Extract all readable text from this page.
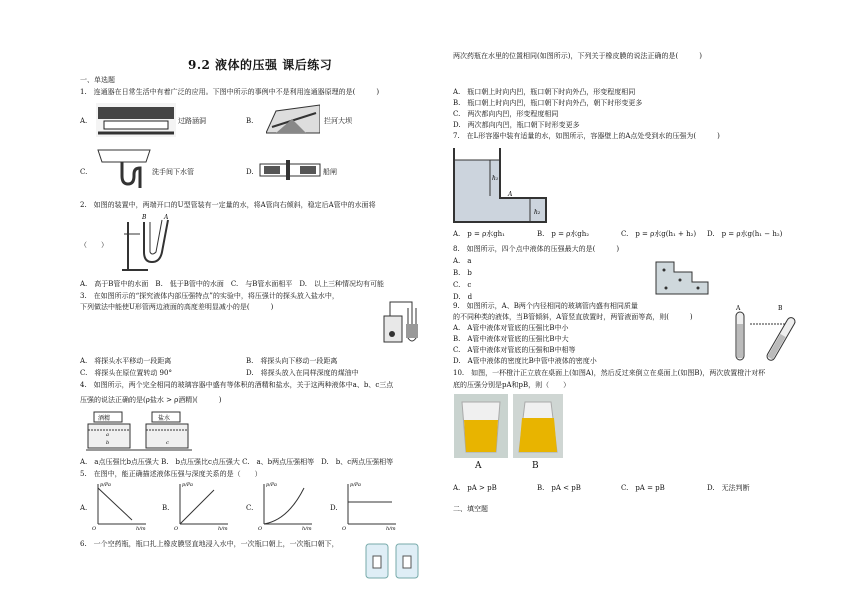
9.2 液体的压强 课后练习
一、单选题
1.　连通器在日常生活中有着广泛的应用。下图中所示的事例中不是利用连通器原理的是(　　　)
A.	过路涵洞	B.	拦河大坝
C.	洗手间下水管	D.	船闸
2.　如图的装置中，两端开口的U型管装有一定量的水，将A管向右倾斜，稳定后A管中的水面将
（　　）
B	A
A.　高于B管中的水面　B.　低于B管中的水面　C.　与B管水面相平　D.　以上三种情况均有可能
3.　在如图所示的“探究液体内部压强特点”的实验中，将压强计的探头放入盐水中，
下列做法中能使U形管两边液面的高度差明显减小的是(　　　)
A.　将探头水平移动一段距离	B.　将探头向下移动一段距离
C.　将探头在原位置转动 90°	D.　将探头放入在同样深度的煤油中
4.　如图所示，两个完全相同的玻璃容器中盛有等体积的酒精和盐水，关于这两种液体中a、b、c三点
压强的说法正确的是(ρ盐水 > ρ酒精)(　　　)
酒精	盐水
a
b	c
A.　a点压强比b点压强大 B.　b点压强比c点压强大 C.　a、b两点压强相等　D.　b、c两点压强相等
5.　在图中，能正确描述液体压强与深度关系的是（　　）
A.
p/Pa
h/m
O
B.
p/Pa
h/m
O
C.
p/Pa
h/m
O
D.
p/Pa
h/m
O
6.　一个空药瓶，瓶口扎上橡皮膜竖直地浸入水中，一次瓶口朝上，一次瓶口朝下，
两次药瓶在水里的位置相同(如图所示)，下列关于橡皮膜的说法正确的是(　　　)
A.　瓶口朝上时向内凹，瓶口朝下时向外凸，形变程度相同
B.　瓶口朝上时向内凹，瓶口朝下时向外凸，朝下时形变更多
C.　两次都向内凹，形变程度相同
D.　两次都向内凹，瓶口朝下时形变更多
7.　在L形容器中装有适量的水，如图所示，容器壁上的A点处受到水的压强为(　　　)
h₁
A
h₂
A.　p = ρ水gh₁	B.　p = ρ水gh₂	C.　p = ρ水g(h₁ + h₂) D.　p = ρ水g(h₁ − h₂)
8.　如图所示，四个点中液体的压强最大的是(　　　)
A.　a
B.　b
C.　c
D.　d
9.　如图所示，A、B两个内径相同的玻璃管内盛有相同质量
的不同种类的液体，当B管倾斜，A管竖直放置时，两管液面等高，则(　　　)
A.　A管中液体对管底的压强比B中小
B.　A管中液体对管底的压强比B中大
C.　A管中液体对管底的压强和B中相等
D.　A管中液体的密度比B中管中液体的密度小
A	B
10.　如图，一杯橙汁正立放在桌面上(如图A)，然后反过来倒立在桌面上(如图B)，两次放置橙汁对杯
底的压强分别是pA和pB，则（　　）
A	B
A.　pA > pB	B.　pA < pB	C.　pA = pB	D.　无法判断
二、填空题
